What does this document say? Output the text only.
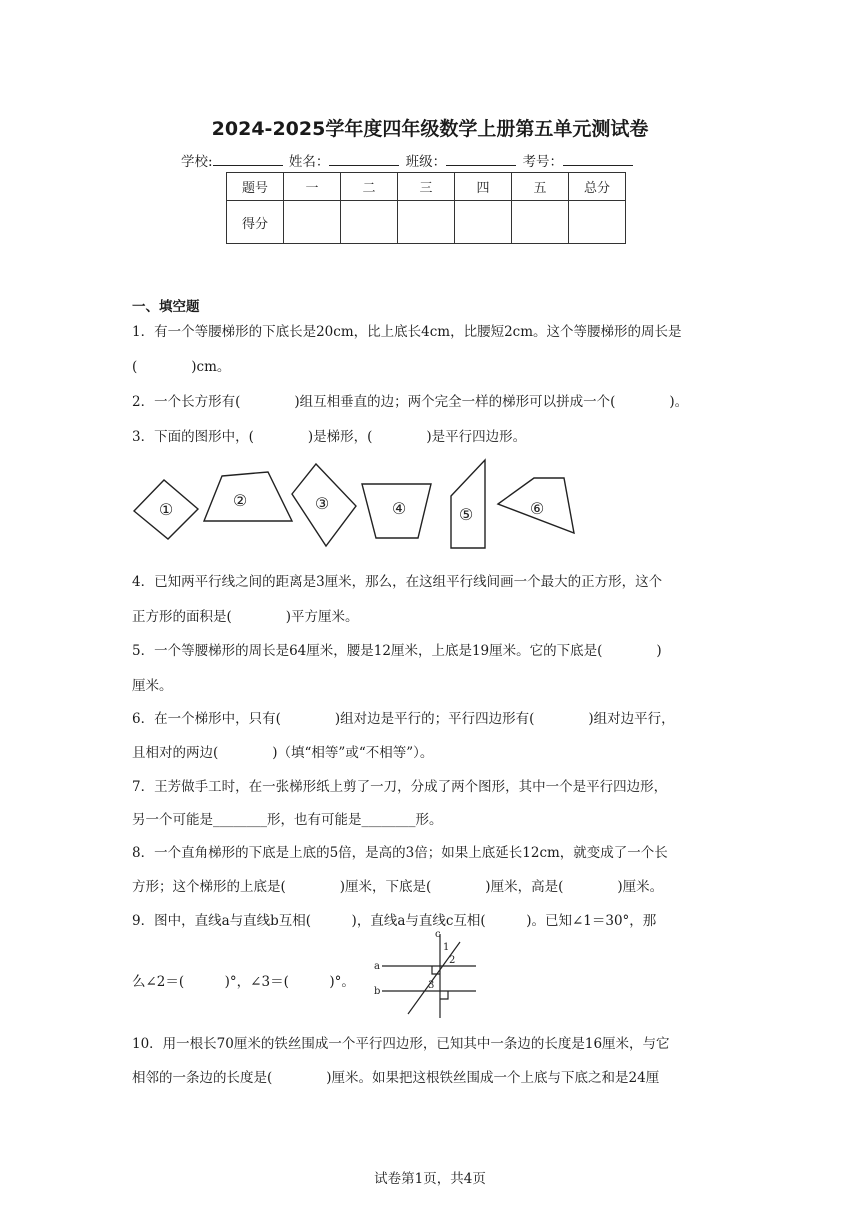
2024-2025学年度四年级数学上册第五单元测试卷
学校:	姓名：	班级：	考号：
题号	一	二	三	四	五	总分
得分						
一、填空题
1．有一个等腰梯形的下底长是20cm，比上底长4cm，比腰短2cm。这个等腰梯形的周长是
(　　　　)cm。
2．一个长方形有(　　　　)组互相垂直的边；两个完全一样的梯形可以拼成一个(　　　　)。
3．下面的图形中，(　　　　)是梯形，(　　　　)是平行四边形。
①	②	③	④	⑤	⑥
4．已知两平行线之间的距离是3厘米，那么，在这组平行线间画一个最大的正方形，这个
正方形的面积是(　　　　)平方厘米。
5．一个等腰梯形的周长是64厘米，腰是12厘米，上底是19厘米。它的下底是(　　　　)
厘米。
6．在一个梯形中，只有(　　　　)组对边是平行的；平行四边形有(　　　　)组对边平行，
且相对的两边(　　　　)（填“相等”或“不相等”）。
7．王芳做手工时，在一张梯形纸上剪了一刀，分成了两个图形，其中一个是平行四边形，
另一个可能是________形，也有可能是________形。
8．一个直角梯形的下底是上底的5倍，是高的3倍；如果上底延长12cm，就变成了一个长
方形；这个梯形的上底是(　　　　)厘米，下底是(　　　　)厘米，高是(　　　　)厘米。
9．图中，直线a与直线b互相(　　　)，直线a与直线c互相(　　　)。已知∠1＝30°，那
么∠2＝(　　　)°，∠3＝(　　　)°。
a
b
c
1
2
3
10．用一根长70厘米的铁丝围成一个平行四边形，已知其中一条边的长度是16厘米，与它
相邻的一条边的长度是(　　　　)厘米。如果把这根铁丝围成一个上底与下底之和是24厘
试卷第1页，共4页
